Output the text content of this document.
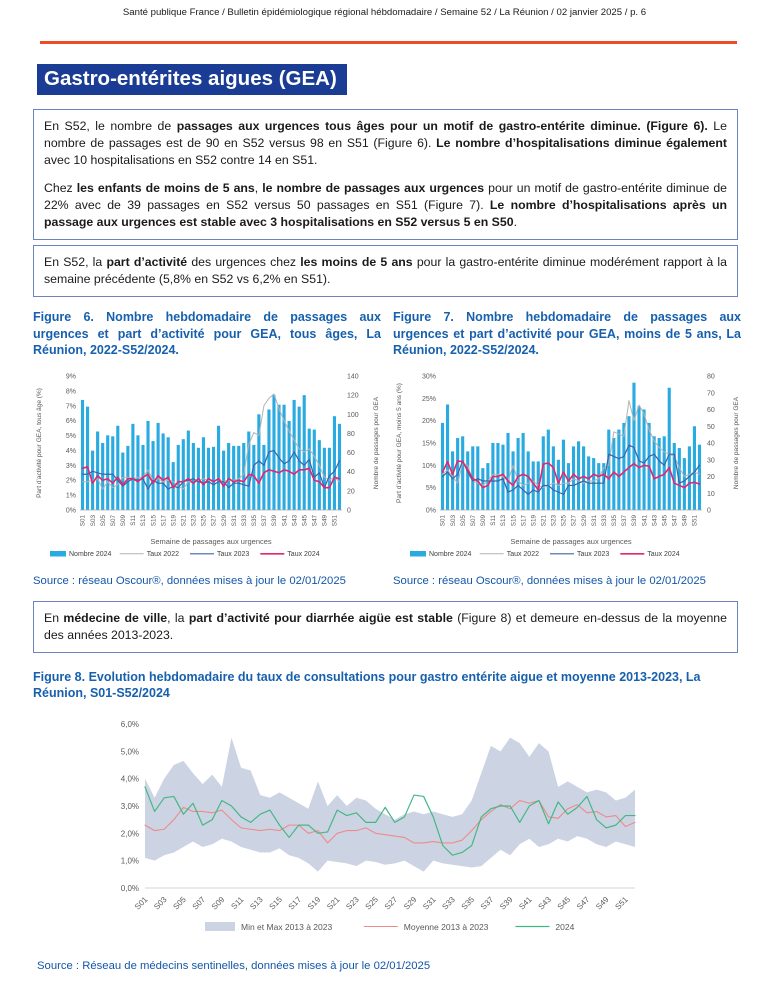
Santé publique France / Bulletin épidémiologique régional hébdomadaire / Semaine 52 / La Réunion / 02 janvier 2025 / p. 6
Gastro-entérites aigues (GEA)

En S52, le nombre de passages aux urgences tous âges pour un motif de gastro-entérite diminue. (Figure 6). Le nombre de passages est de 90 en S52 versus 98 en S51 (Figure 6). Le nombre d’hospitalisations diminue également avec 10 hospitalisations en S52 contre 14 en S51.

Chez les enfants de moins de 5 ans, le nombre de passages aux urgences pour un motif de gastro-entérite diminue de 22% avec de 39 passages en S52 versus 50 passages en S51 (Figure 7). Le nombre d’hospitalisations après un passage aux urgences est stable avec 3 hospitalisations en S52 versus 5 en S50.

En S52, la part d’activité des urgences chez les moins de 5 ans pour la gastro-entérite diminue modérément rapport à la semaine précédente (5,8% en S52 vs 6,2% en S51).

Figure 6. Nombre hebdomadaire de passages aux urgences et part d’activité pour GEA, tous âges, La Réunion, 2022-S52/2024.
0%
1%
2%
3%
4%
5%
6%
7%
8%
9%
0
20
40
60
80
100
120
140
S01 S03 S05 S07 S09 S11 S13 S15 S17 S19 S21 S23 S25 S27 S29 S31 S33 S35 S37 S39 S41 S43 S45 S47 S49 S51
Semaine de passages aux urgences
Part d’activité pour GEA, tous âge (%)	Nombre de passages pour GEA
Nombre 2024	Taux 2022	Taux 2023	Taux 2024
Source : réseau Oscour®, données mises à jour le 02/01/2025
Figure 7. Nombre hebdomadaire de passages aux urgences et part d’activité pour GEA, moins de 5 ans, La Réunion, 2022-S52/2024.
0%
5%
10%
15%
20%
25%
30%
0
10
20
30
40
50
60
70
80
S01 S03 S05 S07 S09 S11 S13 S15 S17 S19 S21 S23 S25 S27 S29 S31 S33 S35 S37 S39 S41 S43 S45 S47 S49 S51
Semaine de passages aux urgences
Part d’activité pour GEA, moins 5 ans (%)	Nombre de passages pour GEA
Nombre 2024	Taux 2022	Taux 2023	Taux 2024
Source : réseau Oscour®, données mises à jour le 02/01/2025

En médecine de ville, la part d’activité pour diarrhée aigüe est stable (Figure 8) et demeure en-dessus de la moyenne des années 2013-2023.

Figure 8. Evolution hebdomadaire du taux de consultations pour gastro entérite aigue et moyenne 2013-2023, La Réunion, S01-S52/2024
0,0%
1,0%
2,0%
3,0%
4,0%
5,0%
6,0%
S01 S03 S05 S07 S09 S11 S13 S15 S17 S19 S21 S23 S25 S27 S29 S31 S33 S35 S37 S39 S41 S43 S45 S47 S49 S51
Min et Max 2013 à 2023	Moyenne 2013 à 2023	2024
Source : Réseau de médecins sentinelles, données mises à jour le 02/01/2025
